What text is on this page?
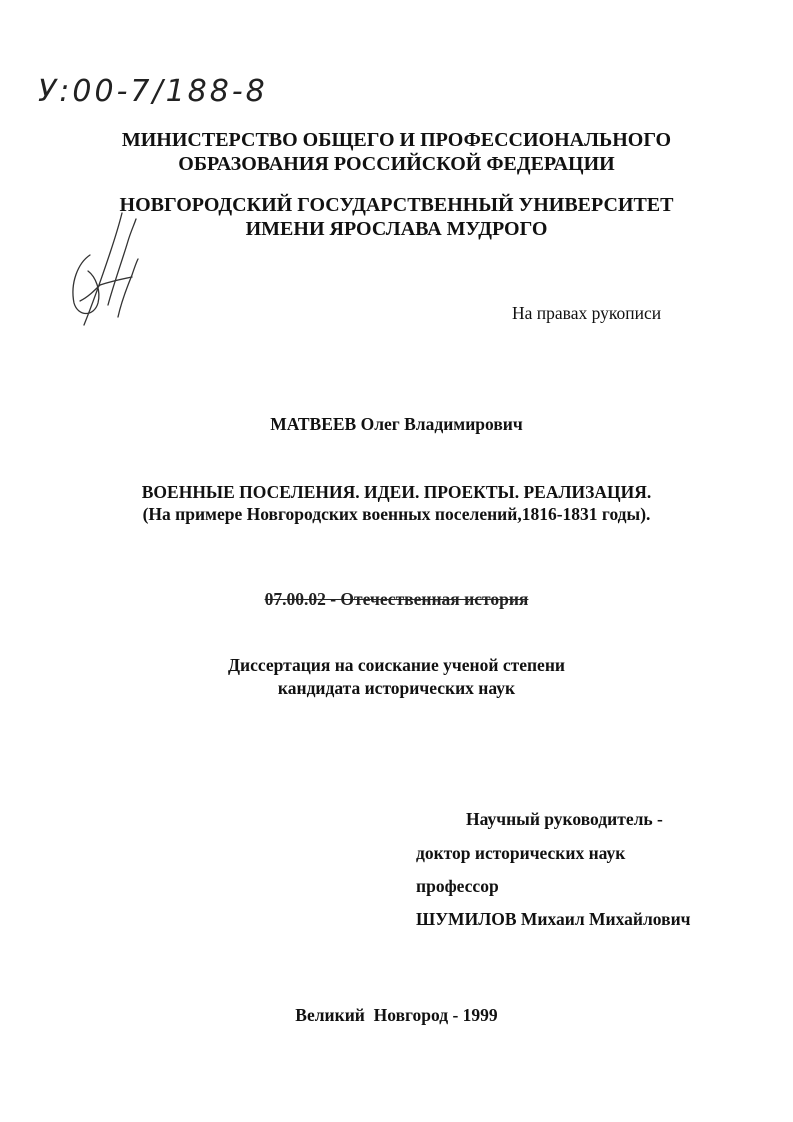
У:00-7/188-8
МИНИСТЕРСТВО ОБЩЕГО И ПРОФЕССИОНАЛЬНОГО
ОБРАЗОВАНИЯ РОССИЙСКОЙ ФЕДЕРАЦИИ
НОВГОРОДСКИЙ ГОСУДАРСТВЕННЫЙ УНИВЕРСИТЕТ
ИМЕНИ ЯРОСЛАВА МУДРОГО
На правах рукописи
МАТВЕЕВ Олег Владимирович
ВОЕННЫЕ ПОСЕЛЕНИЯ. ИДЕИ. ПРОЕКТЫ. РЕАЛИЗАЦИЯ.
(На примере Новгородских военных поселений,1816-1831 годы).
07.00.02 - Отечественная история
Диссертация на соискание ученой степени
кандидата исторических наук
Научный руководитель -
доктор исторических наук
профессор
ШУМИЛОВ Михаил Михайлович
Великий  Новгород - 1999
